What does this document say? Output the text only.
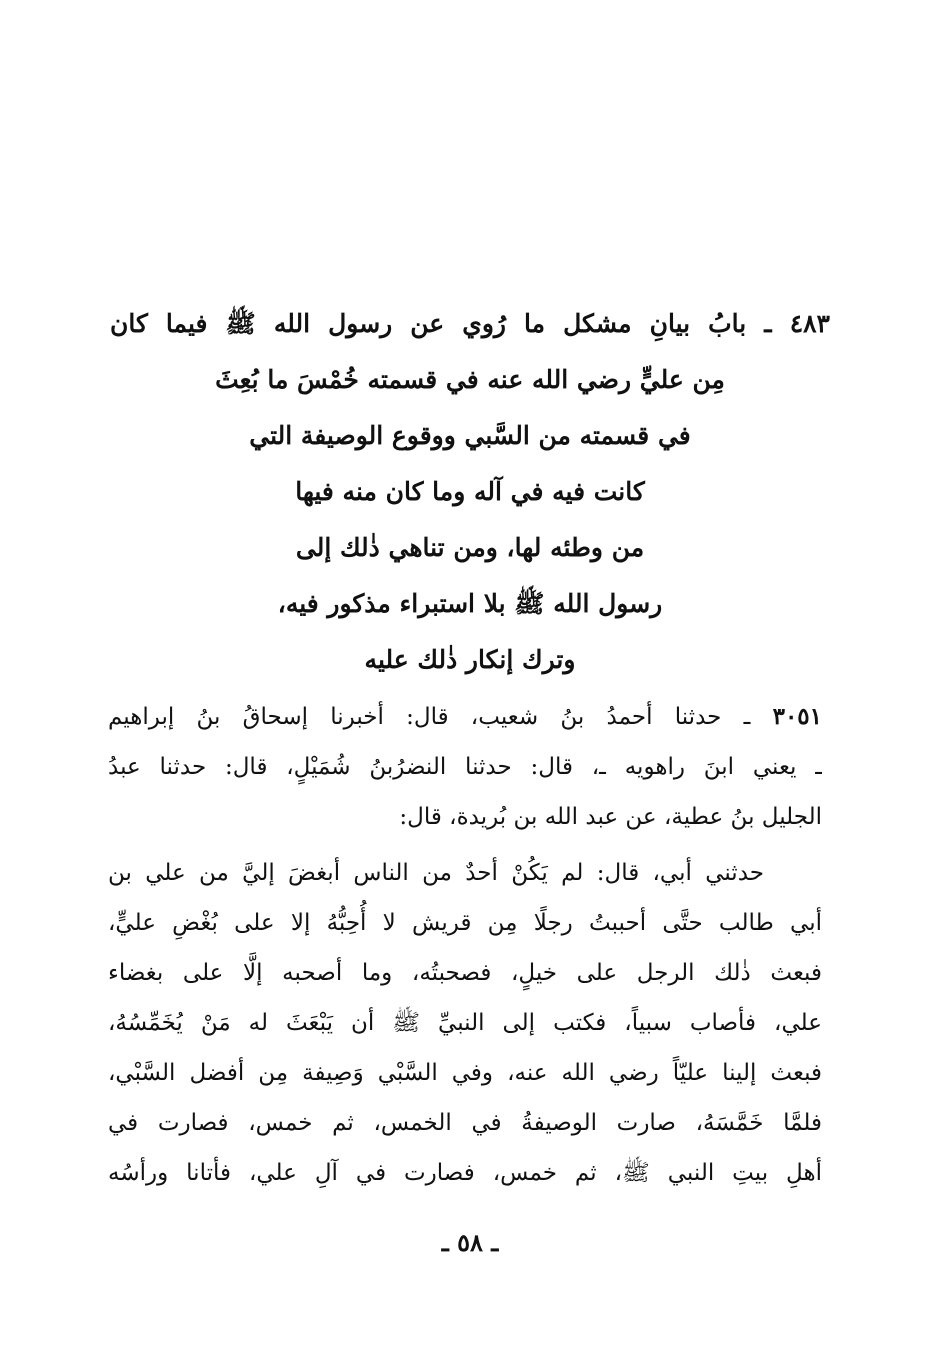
٤٨٣ ـ بابُ بيانِ مشكل ما رُوي عن رسول الله ﷺ فيما كان
مِن عليٍّ رضي الله عنه في قسمته خُمْسَ ما بُعِثَ
في قسمته من السَّبي ووقوع الوصيفة التي
كانت فيه في آله وما كان منه فيها
من وطئه لها، ومن تناهي ذٰلك إلى
رسول الله ﷺ بلا استبراء مذكور فيه،
وترك إنكار ذٰلك عليه
٣٠٥١ ـ حدثنا أحمدُ بنُ شعيب، قال: أخبرنا إسحاقُ بنُ إبراهيم
ـ يعني ابنَ راهويه ـ، قال: حدثنا النضرُبنُ شُمَيْلٍ، قال: حدثنا عبدُ
الجليل بنُ عطية، عن عبد الله بن بُريدة، قال:
حدثني أبي، قال: لم يَكُنْ أحدٌ من الناس أبغضَ إليَّ من علي بن
أبي طالب حتَّى أحببتُ رجلًا مِن قريش لا أُحِبُّهُ إلا على بُغْضِ عليٍّ،
فبعث ذٰلك الرجل على خيلٍ، فصحبتُه، وما أصحبه إلَّا على بغضاء
علي، فأصاب سبياً، فكتب إلى النبيِّ ﷺ أن يَبْعَثَ له مَنْ يُخَمِّسُهُ،
فبعث إلينا عليّاً رضي الله عنه، وفي السَّبْي وَصِيفة مِن أفضل السَّبْي،
فلمَّا خَمَّسَهُ، صارت الوصيفةُ في الخمس، ثم خمس، فصارت في
أهلِ بيتِ النبي ﷺ، ثم خمس، فصارت في آلِ علي، فأتانا ورأسُه
ـ ٥٨ ـ
